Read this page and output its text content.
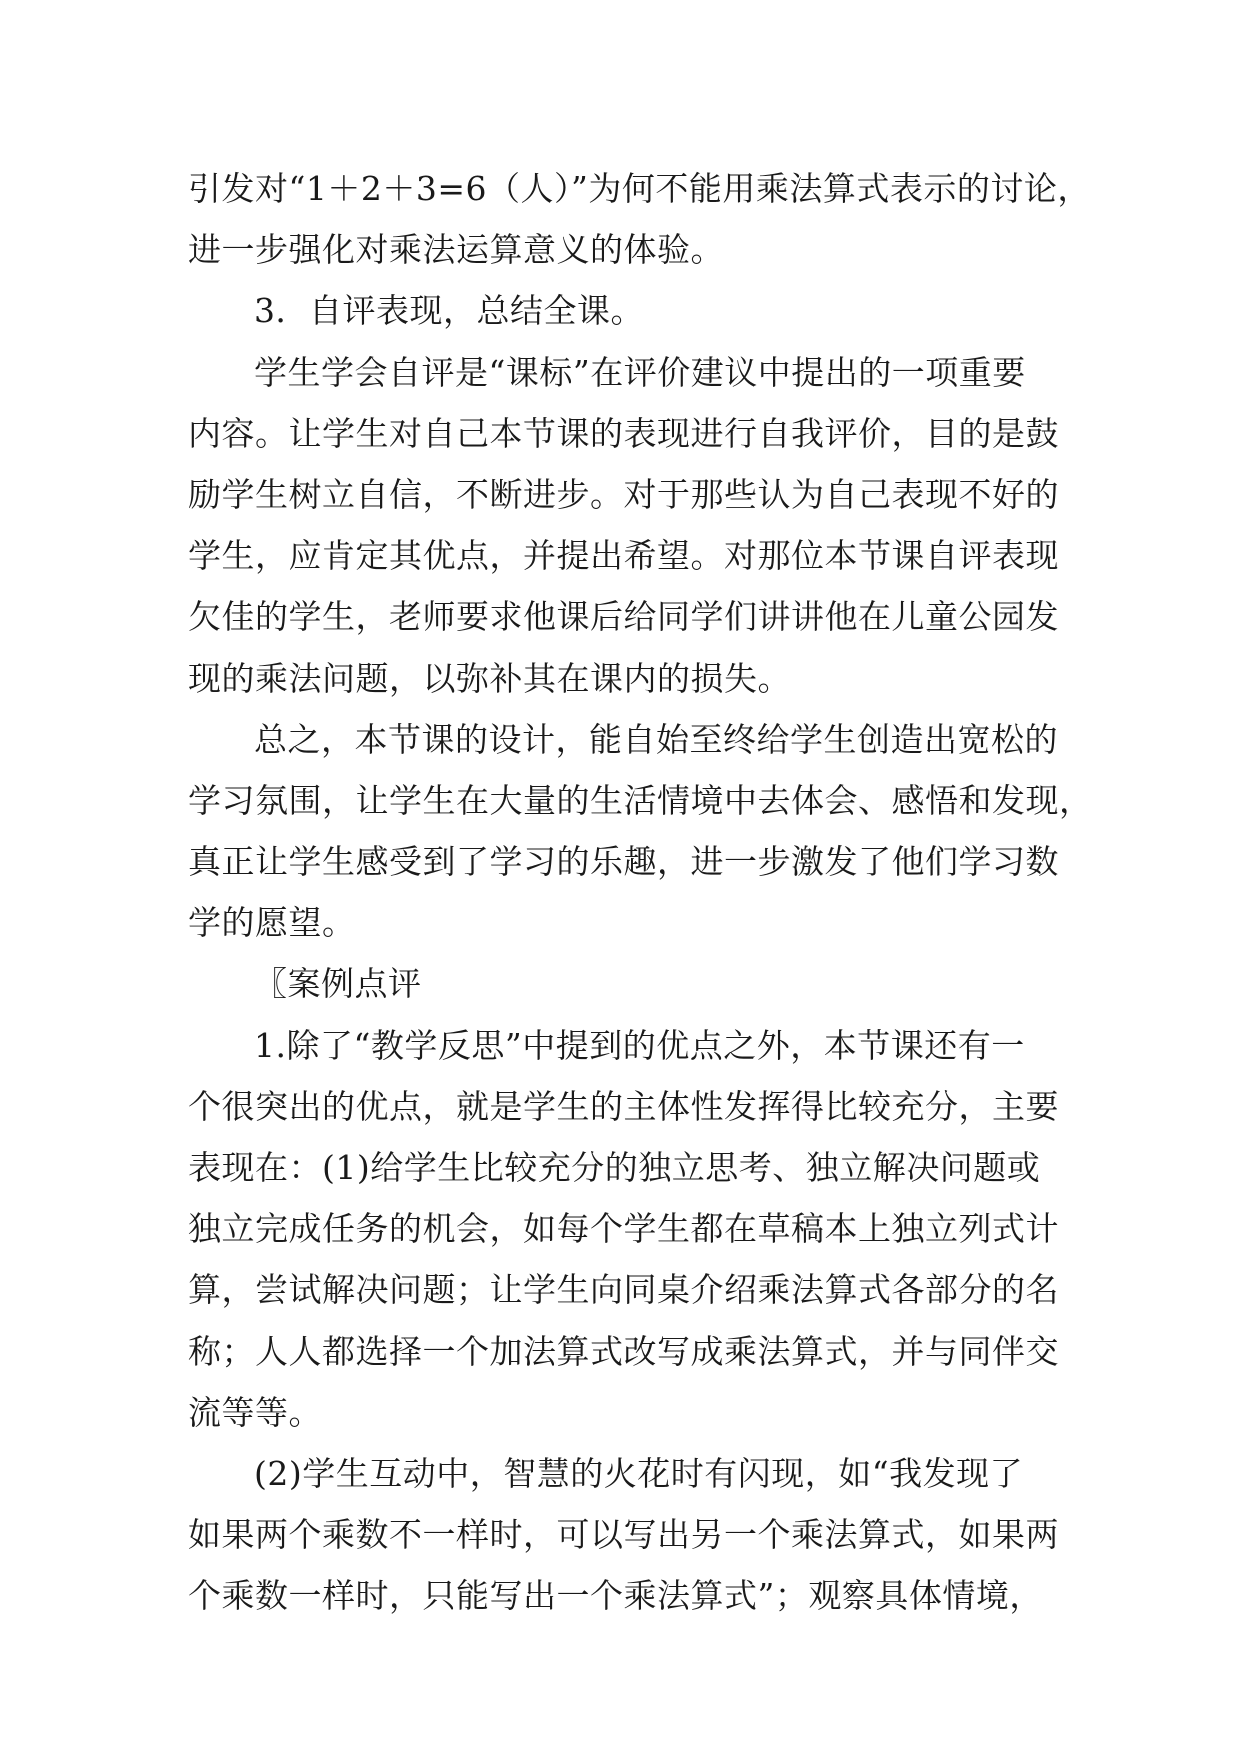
引发对“1＋2＋3=6（人）”为何不能用乘法算式表示的讨论，
进一步强化对乘法运算意义的体验。
3．自评表现，总结全课。
学生学会自评是“课标”在评价建议中提出的一项重要
内容。让学生对自己本节课的表现进行自我评价，目的是鼓
励学生树立自信，不断进步。对于那些认为自己表现不好的
学生，应肯定其优点，并提出希望。对那位本节课自评表现
欠佳的学生，老师要求他课后给同学们讲讲他在儿童公园发
现的乘法问题，以弥补其在课内的损失。
总之，本节课的设计，能自始至终给学生创造出宽松的
学习氛围，让学生在大量的生活情境中去体会、感悟和发现，
真正让学生感受到了学习的乐趣，进一步激发了他们学习数
学的愿望。
〖案例点评
1.除了“教学反思”中提到的优点之外，本节课还有一
个很突出的优点，就是学生的主体性发挥得比较充分，主要
表现在：(1)给学生比较充分的独立思考、独立解决问题或
独立完成任务的机会，如每个学生都在草稿本上独立列式计
算，尝试解决问题；让学生向同桌介绍乘法算式各部分的名
称；人人都选择一个加法算式改写成乘法算式，并与同伴交
流等等。
(2)学生互动中，智慧的火花时有闪现，如“我发现了
如果两个乘数不一样时，可以写出另一个乘法算式，如果两
个乘数一样时，只能写出一个乘法算式”；观察具体情境，
